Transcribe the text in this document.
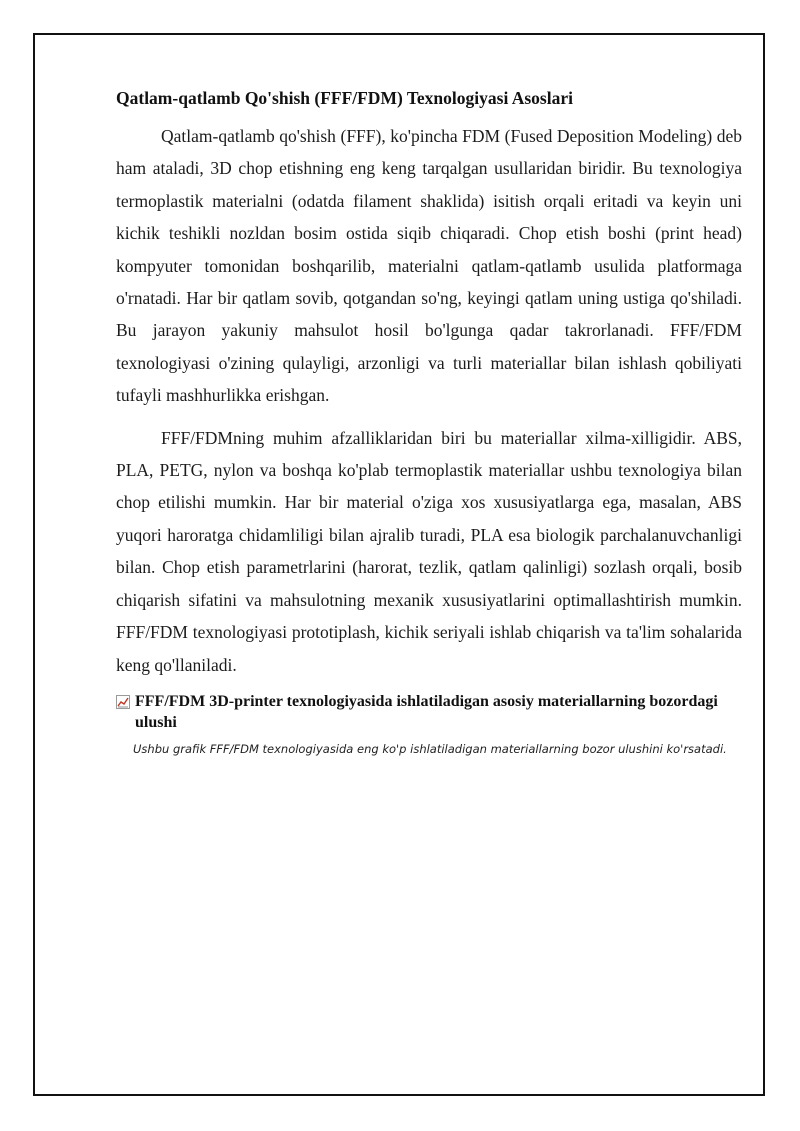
Qatlam-qatlamb Qo'shish (FFF/FDM) Texnologiyasi Asoslari

Qatlam-qatlamb qo'shish (FFF), ko'pincha FDM (Fused Deposition Modeling) deb ham ataladi, 3D chop etishning eng keng tarqalgan usullaridan biridir. Bu texnologiya termoplastik materialni (odatda filament shaklida) isitish orqali eritadi va keyin uni kichik teshikli nozldan bosim ostida siqib chiqaradi. Chop etish boshi (print head) kompyuter tomonidan boshqarilib, materialni qatlam-qatlamb usulida platformaga o'rnatadi. Har bir qatlam sovib, qotgandan so'ng, keyingi qatlam uning ustiga qo'shiladi. Bu jarayon yakuniy mahsulot hosil bo'lgunga qadar takrorlanadi. FFF/FDM texnologiyasi o'zining qulayligi, arzonligi va turli materiallar bilan ishlash qobiliyati tufayli mashhurlikka erishgan.

FFF/FDMning muhim afzalliklaridan biri bu materiallar xilma-xilligidir. ABS, PLA, PETG, nylon va boshqa ko'plab termoplastik materiallar ushbu texnologiya bilan chop etilishi mumkin. Har bir material o'ziga xos xususiyatlarga ega, masalan, ABS yuqori haroratga chidamliligi bilan ajralib turadi, PLA esa biologik parchalanuvchanligi bilan. Chop etish parametrlarini (harorat, tezlik, qatlam qalinligi) sozlash orqali, bosib chiqarish sifatini va mahsulotning mexanik xususiyatlarini optimallashtirish mumkin. FFF/FDM texnologiyasi prototiplash, kichik seriyali ishlab chiqarish va ta'lim sohalarida keng qo'llaniladi.

FFF/FDM 3D-printer texnologiyasida ishlatiladigan asosiy materiallarning bozordagi ulushi

Ushbu grafik FFF/FDM texnologiyasida eng ko'p ishlatiladigan materiallarning bozor ulushini ko'rsatadi.
